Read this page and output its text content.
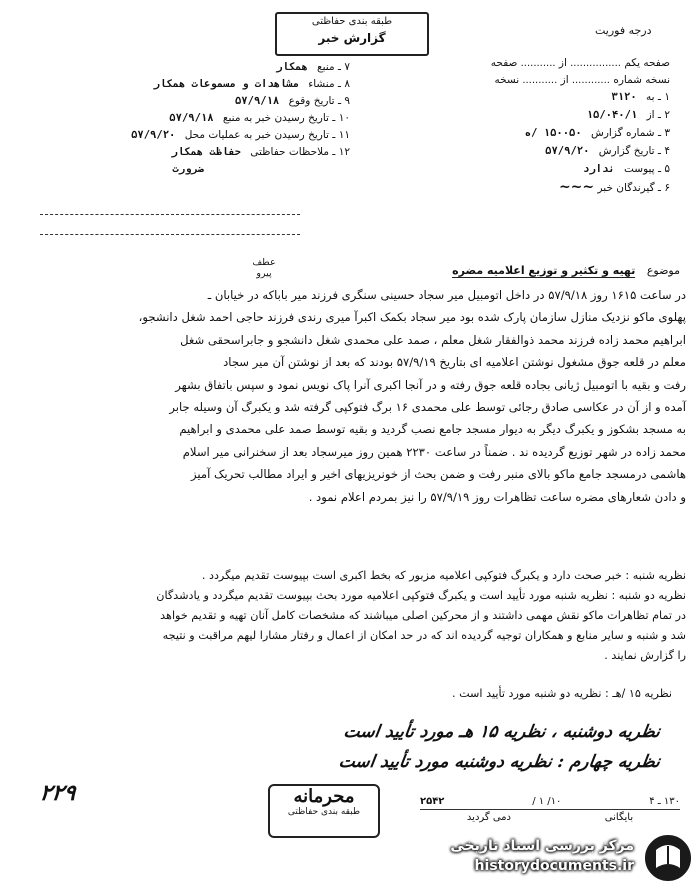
طبقه بندی حفاظتی
گزارش خبر
درجه فوریت
صفحه یکم ................ از ........... صفحه
نسخه شماره ............ از ........... نسخه
۱ ـ به ۳۱۲۰
۲ ـ از ۱۵/۰۴۰/۱
۳ ـ شماره گزارش ۱۵۰۰۵۰ /ه
۴ ـ تاریخ گزارش ۵۷/۹/۲۰
۵ ـ پیوست ندارد
۶ ـ گیرندگان خبر ~~~
۷ ـ منبع همکار
۸ ـ منشاء مشاهدات و مسموعات همکار
۹ ـ تاریخ وقوع ۵۷/۹/۱۸
۱۰ ـ تاریخ رسیدن خبر به منبع ۵۷/۹/۱۸
۱۱ ـ تاریخ رسیدن خبر به عملیات محل ۵۷/۹/۲۰
۱۲ ـ ملاحظات حفاظتی حفاظت همکار
ضرورت
عطف
پیرو	موضوع تهیه و تکثیر و توزیع اعلامیه مضره

در ساعت ۱۶۱۵ روز ۵۷/۹/۱۸ در داخل اتومبیل میر سجاد حسینی سنگری فرزند میر باباکه در خیابان ـ

پهلوی ماکو نزدیک منازل سازمان پارک شده بود میر سجاد بکمک اکبرآ میری رندی فرزند حاجی احمد شغل دانشجو،

ابراهیم محمد زاده فرزند محمد ذوالفقار شغل معلم ، صمد علی محمدی شغل دانشجو و جابراسحقی شغل

معلم در قلعه جوق مشغول نوشتن اعلامیه ای بتاریخ ۵۷/۹/۱۹ بودند که بعد از نوشتن آن میر سجاد

رفت و بقیه با اتومبیل ژیانی بجاده قلعه جوق رفته و در آنجا اکبری آنرا پاک نویس نمود و سپس باتفاق بشهر

آمده و از آن در عکاسی صادق رجائی توسط علی محمدی ۱۶ برگ فتوکپی گرفته شد و یکبرگ آن وسیله جابر

به مسجد بشکوز و یکبرگ دیگر به دیوار مسجد جامع نصب گردید و بقیه توسط صمد علی محمدی و ابراهیم

محمد زاده در شهر توزیع گردیده ند . ضمناً در ساعت ۲۲۳۰ همین روز میرسجاد بعد از سخنرانی میر اسلام

هاشمی درمسجد جامع ماکو بالای منبر رفت و ضمن بحث از خونریزیهای اخیر و ایراد مطالب تحریک آمیز

و دادن شعارهای مضره ساعت تظاهرات روز ۵۷/۹/۱۹ را نیز بمردم اعلام نمود .

نظریه شنبه : خبر صحت دارد و یکبرگ فتوکپی اعلامیه مزبور که بخط اکبری است بپیوست تقدیم میگردد .
نظریه دو شنبه : نظریه شنبه مورد تأیید است و یکبرگ فتوکپی اعلامیه مورد بحث بپیوست تقدیم میگردد و یادشدگان
در تمام تظاهرات ماکو نقش مهمی داشتند و از محرکین اصلی میباشند که مشخصات کامل آنان تهیه و تقدیم خواهد
شد و شنبه و سایر منابع و همکاران توجیه گردیده اند که در حد امکان از اعمال و رفتار مشارا لیهم مراقبت و نتیجه
را گزارش نمایند .
نظریه ۱۵ /هـ : نظریه دو شنبه مورد تأیید است .
نظریه دوشنبه ، نظریه ۱۵ هـ مورد تأیید است
نظریه چهارم : نظریه دوشنبه مورد تأیید است
۲۲۹	محرمانه
طبقه بندی حفاظتی
۱۳۰ ـ ۴
۱۰/ ۱ /
۲۵۴۲
بایگانی
دمی گردید
مرکز بررسی اسناد تاریخی
historydocuments.ir
